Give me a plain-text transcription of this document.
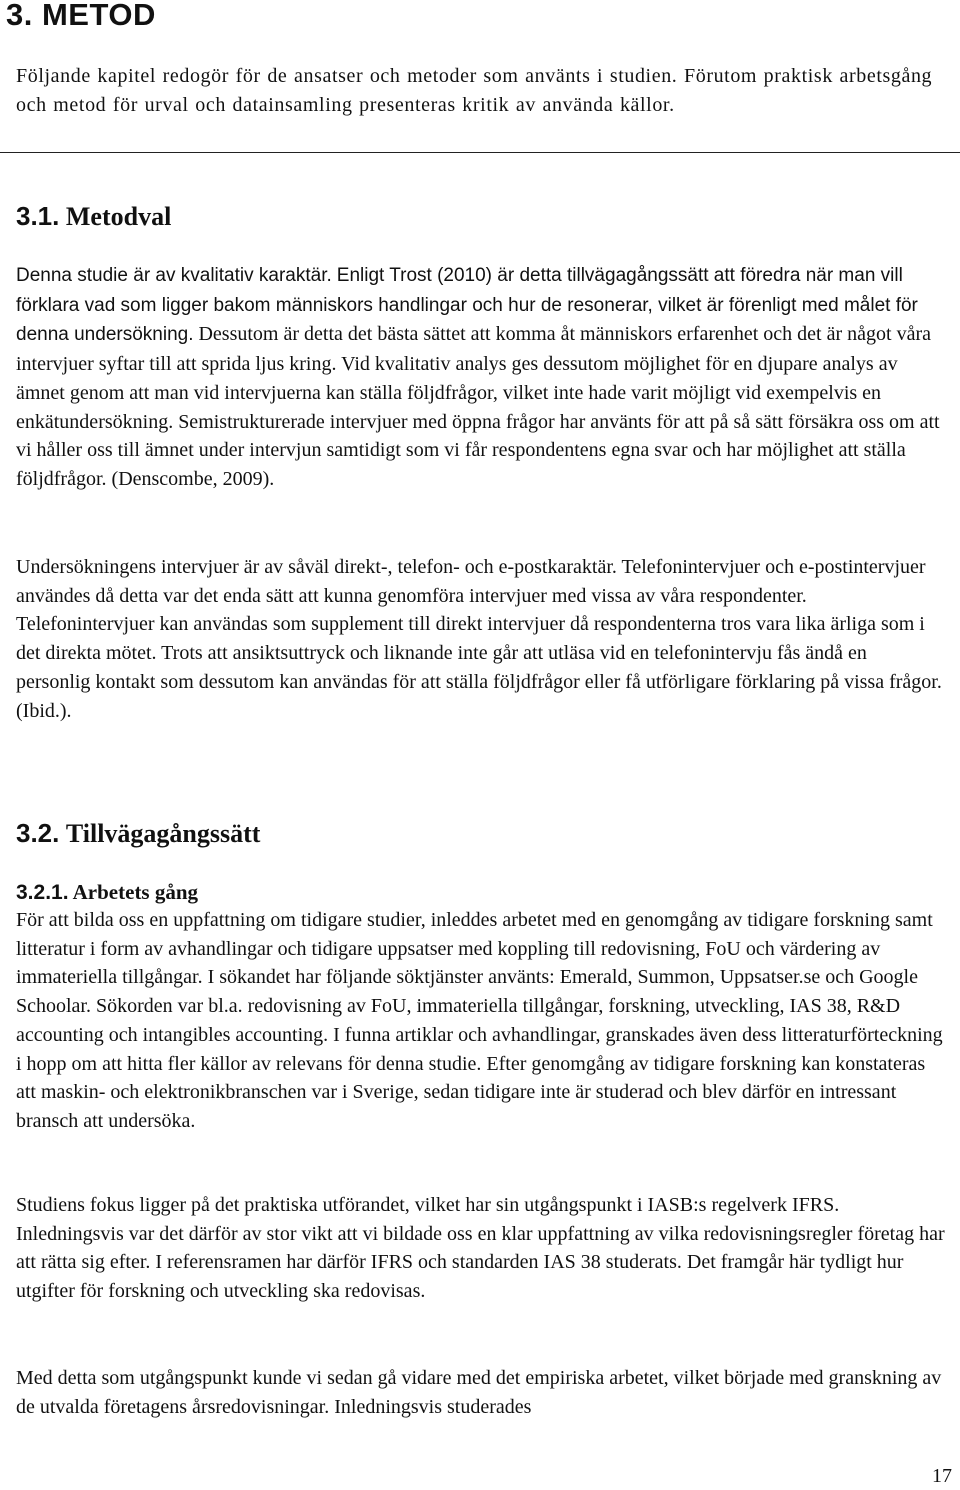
3. METOD

Följande kapitel redogör för de ansatser och metoder som använts i studien. Förutom praktisk arbetsgång och metod för urval och datainsamling presenteras kritik av använda källor.

3.1. Metodval

Denna studie är av kvalitativ karaktär. Enligt Trost (2010) är detta tillvägagångssätt att föredra när man vill förklara vad som ligger bakom människors handlingar och hur de resonerar, vilket är förenligt med målet för denna undersökning. Dessutom är detta det bästa sättet att komma åt människors erfarenhet och det är något våra intervjuer syftar till att sprida ljus kring. Vid kvalitativ analys ges dessutom möjlighet för en djupare analys av ämnet genom att man vid intervjuerna kan ställa följdfrågor, vilket inte hade varit möjligt vid exempelvis en enkätundersökning. Semistrukturerade intervjuer med öppna frågor har använts för att på så sätt försäkra oss om att vi håller oss till ämnet under intervjun samtidigt som vi får respondentens egna svar och har möjlighet att ställa följdfrågor. (Denscombe, 2009).

Undersökningens intervjuer är av såväl direkt-, telefon- och e-postkaraktär. Telefonintervjuer och e-postintervjuer användes då detta var det enda sätt att kunna genomföra intervjuer med vissa av våra respondenter. Telefonintervjuer kan användas som supplement till direkt intervjuer då respondenterna tros vara lika ärliga som i det direkta mötet. Trots att ansiktsuttryck och liknande inte går att utläsa vid en telefonintervju fås ändå en personlig kontakt som dessutom kan användas för att ställa följdfrågor eller få utförligare förklaring på vissa frågor. (Ibid.).

3.2. Tillvägagångssätt
3.2.1. Arbetets gång

För att bilda oss en uppfattning om tidigare studier, inleddes arbetet med en genomgång av tidigare forskning samt litteratur i form av avhandlingar och tidigare uppsatser med koppling till redovisning, FoU och värdering av immateriella tillgångar. I sökandet har följande söktjänster använts: Emerald, Summon, Uppsatser.se och Google Schoolar. Sökorden var bl.a. redovisning av FoU, immateriella tillgångar, forskning, utveckling, IAS 38, R&D accounting och intangibles accounting. I funna artiklar och avhandlingar, granskades även dess litteraturförteckning i hopp om att hitta fler källor av relevans för denna studie. Efter genomgång av tidigare forskning kan konstateras att maskin- och elektronikbranschen var i Sverige, sedan tidigare inte är studerad och blev därför en intressant bransch att undersöka.

Studiens fokus ligger på det praktiska utförandet, vilket har sin utgångspunkt i IASB:s regelverk IFRS. Inledningsvis var det därför av stor vikt att vi bildade oss en klar uppfattning av vilka redovisningsregler företag har att rätta sig efter. I referensramen har därför IFRS och standarden IAS 38 studerats. Det framgår här tydligt hur utgifter för forskning och utveckling ska redovisas.

Med detta som utgångspunkt kunde vi sedan gå vidare med det empiriska arbetet, vilket började med granskning av de utvalda företagens årsredovisningar. Inledningsvis studerades

17
